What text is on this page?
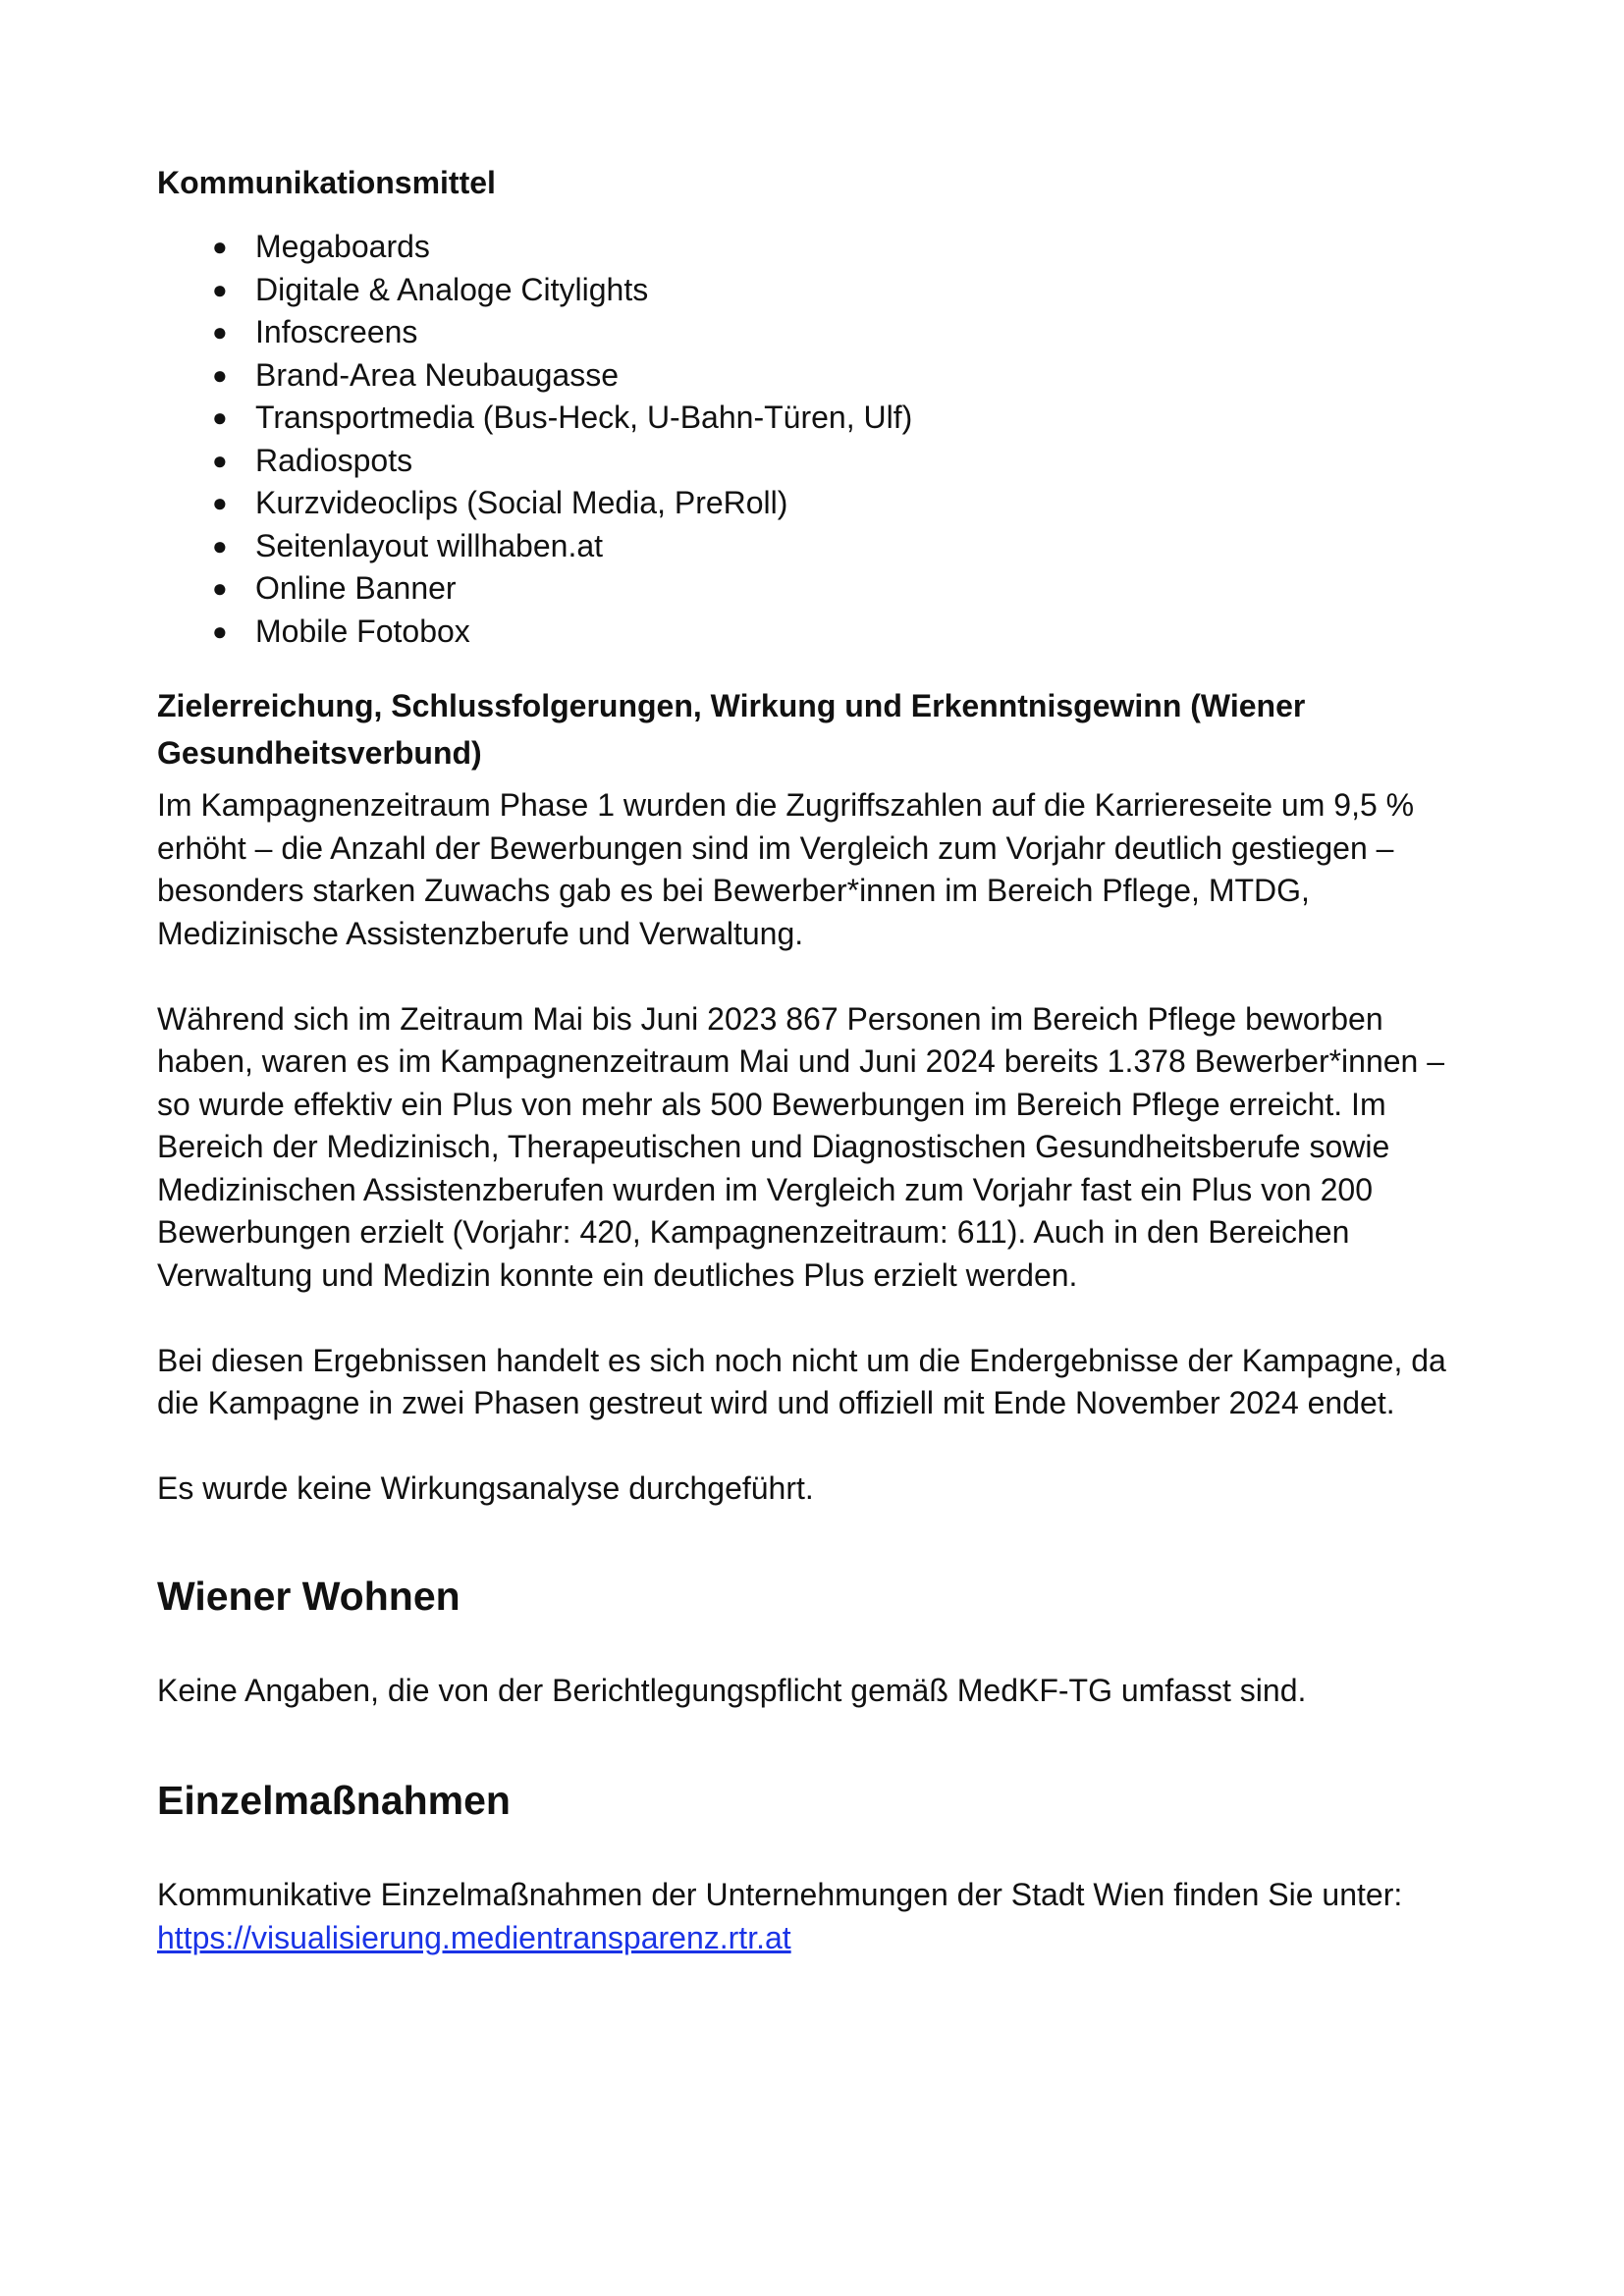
Kommunikationsmittel
● Megaboards
● Digitale & Analoge Citylights
● Infoscreens
● Brand-Area Neubaugasse
● Transportmedia (Bus-Heck, U-Bahn-Türen, Ulf)
● Radiospots
● Kurzvideoclips (Social Media, PreRoll)
● Seitenlayout willhaben.at
● Online Banner
● Mobile Fotobox
Zielerreichung, Schlussfolgerungen, Wirkung und Erkenntnisgewinn (Wiener Gesundheitsverbund)

Im Kampagnenzeitraum Phase 1 wurden die Zugriffszahlen auf die Karriereseite um 9,5 % erhöht – die Anzahl der Bewerbungen sind im Vergleich zum Vorjahr deutlich gestiegen – besonders starken Zuwachs gab es bei Bewerber*innen im Bereich Pflege, MTDG, Medizinische Assistenzberufe und Verwaltung.

Während sich im Zeitraum Mai bis Juni 2023 867 Personen im Bereich Pflege beworben haben, waren es im Kampagnenzeitraum Mai und Juni 2024 bereits 1.378 Bewerber*innen – so wurde effektiv ein Plus von mehr als 500 Bewerbungen im Bereich Pflege erreicht. Im Bereich der Medizinisch, Therapeutischen und Diagnostischen Gesundheitsberufe sowie Medizinischen Assistenzberufen wurden im Vergleich zum Vorjahr fast ein Plus von 200 Bewerbungen erzielt (Vorjahr: 420, Kampagnenzeitraum: 611). Auch in den Bereichen Verwaltung und Medizin konnte ein deutliches Plus erzielt werden.

Bei diesen Ergebnissen handelt es sich noch nicht um die Endergebnisse der Kampagne, da die Kampagne in zwei Phasen gestreut wird und offiziell mit Ende November 2024 endet.

Es wurde keine Wirkungsanalyse durchgeführt.

Wiener Wohnen

Keine Angaben, die von der Berichtlegungspflicht gemäß MedKF-TG umfasst sind.

Einzelmaßnahmen

Kommunikative Einzelmaßnahmen der Unternehmungen der Stadt Wien finden Sie unter:
https://visualisierung.medientransparenz.rtr.at
